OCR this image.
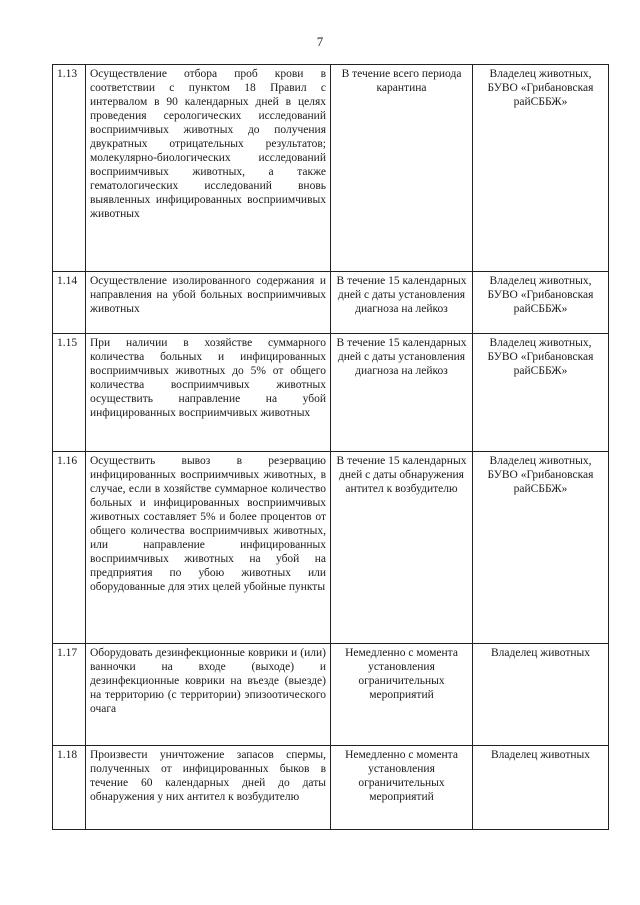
7
1.13	Осуществление отбора проб крови в соответствии с пунктом 18 Правил с интервалом в 90 календарных дней в целях проведения серологических исследований восприимчивых животных до получения двукратных отрицательных результатов; молекулярно-биологических исследований восприимчивых животных, а также гематологических исследований вновь выявленных инфицированных восприимчивых животных	В течение всего периода карантина	Владелец животных, БУВО «Грибановская райСББЖ»
1.14	Осуществление изолированного содержания и направления на убой больных восприимчивых животных	В течение 15 календарных дней с даты установления диагноза на лейкоз	Владелец животных, БУВО «Грибановская райСББЖ»
1.15	При наличии в хозяйстве суммарного количества больных и инфицированных восприимчивых животных до 5% от общего количества восприимчивых животных осуществить направление на убой инфицированных восприимчивых животных	В течение 15 календарных дней с даты установления диагноза на лейкоз	Владелец животных, БУВО «Грибановская райСББЖ»
1.16	Осуществить вывоз в резервацию инфицированных восприимчивых животных, в случае, если в хозяйстве суммарное количество больных и инфицированных восприимчивых животных составляет 5% и более процентов от общего количества восприимчивых животных, или направление инфицированных восприимчивых животных на убой на предприятия по убою животных или оборудованные для этих целей убойные пункты	В течение 15 календарных дней с даты обнаружения антител к возбудителю	Владелец животных, БУВО «Грибановская райСББЖ»
1.17	Оборудовать дезинфекционные коврики и (или) ванночки на входе (выходе) и дезинфекционные коврики на въезде (выезде) на территорию (с территории) эпизоотического очага	Немедленно с момента установления ограничительных мероприятий	Владелец животных
1.18	Произвести уничтожение запасов спермы, полученных от инфицированных быков в течение 60 календарных дней до даты обнаружения у них антител к возбудителю	Немедленно с момента установления ограничительных мероприятий	Владелец животных
